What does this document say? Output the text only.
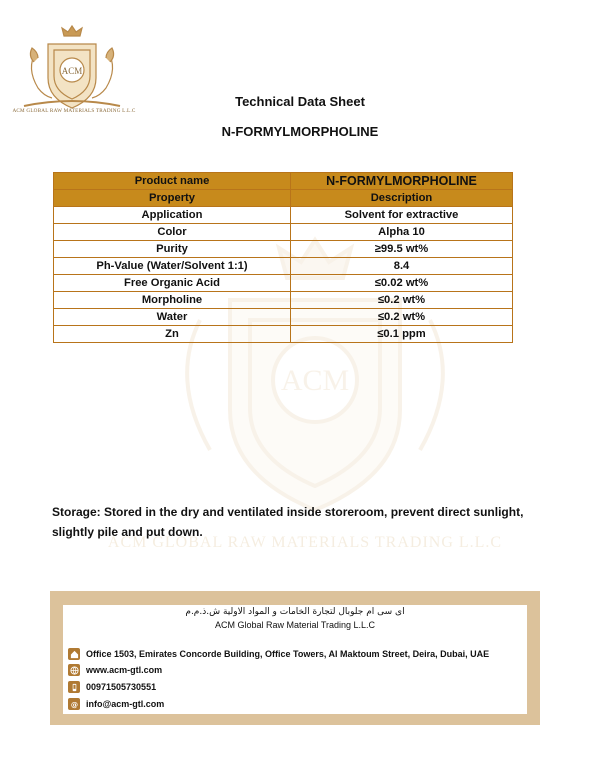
ACM
ACM GLOBAL RAW MATERIALS TRADING L.L.C
ACM
ACM GLOBAL RAW MATERIALS TRADING L.L.C
Technical Data Sheet
N-FORMYLMORPHOLINE
Product name	N-FORMYLMORPHOLINE
Property	Description
Application	Solvent for extractive
Color	Alpha 10
Purity	≥99.5 wt%
Ph-Value (Water/Solvent 1:1)	8.4
Free Organic Acid	≤0.02 wt%
Morpholine	≤0.2 wt%
Water	≤0.2 wt%
Zn	≤0.1 ppm
Storage: Stored in the dry and ventilated inside storeroom, prevent direct sunlight, slightly pile and put down.
اى سى ام جلوبال لتجارة الخامات و المواد الاولية ش.ذ.م.م
ACM Global Raw Material Trading L.L.C
Office 1503, Emirates Concorde Building, Office Towers, Al Maktoum Street, Deira, Dubai, UAE
www.acm-gtl.com
00971505730551
@ info@acm-gtl.com
